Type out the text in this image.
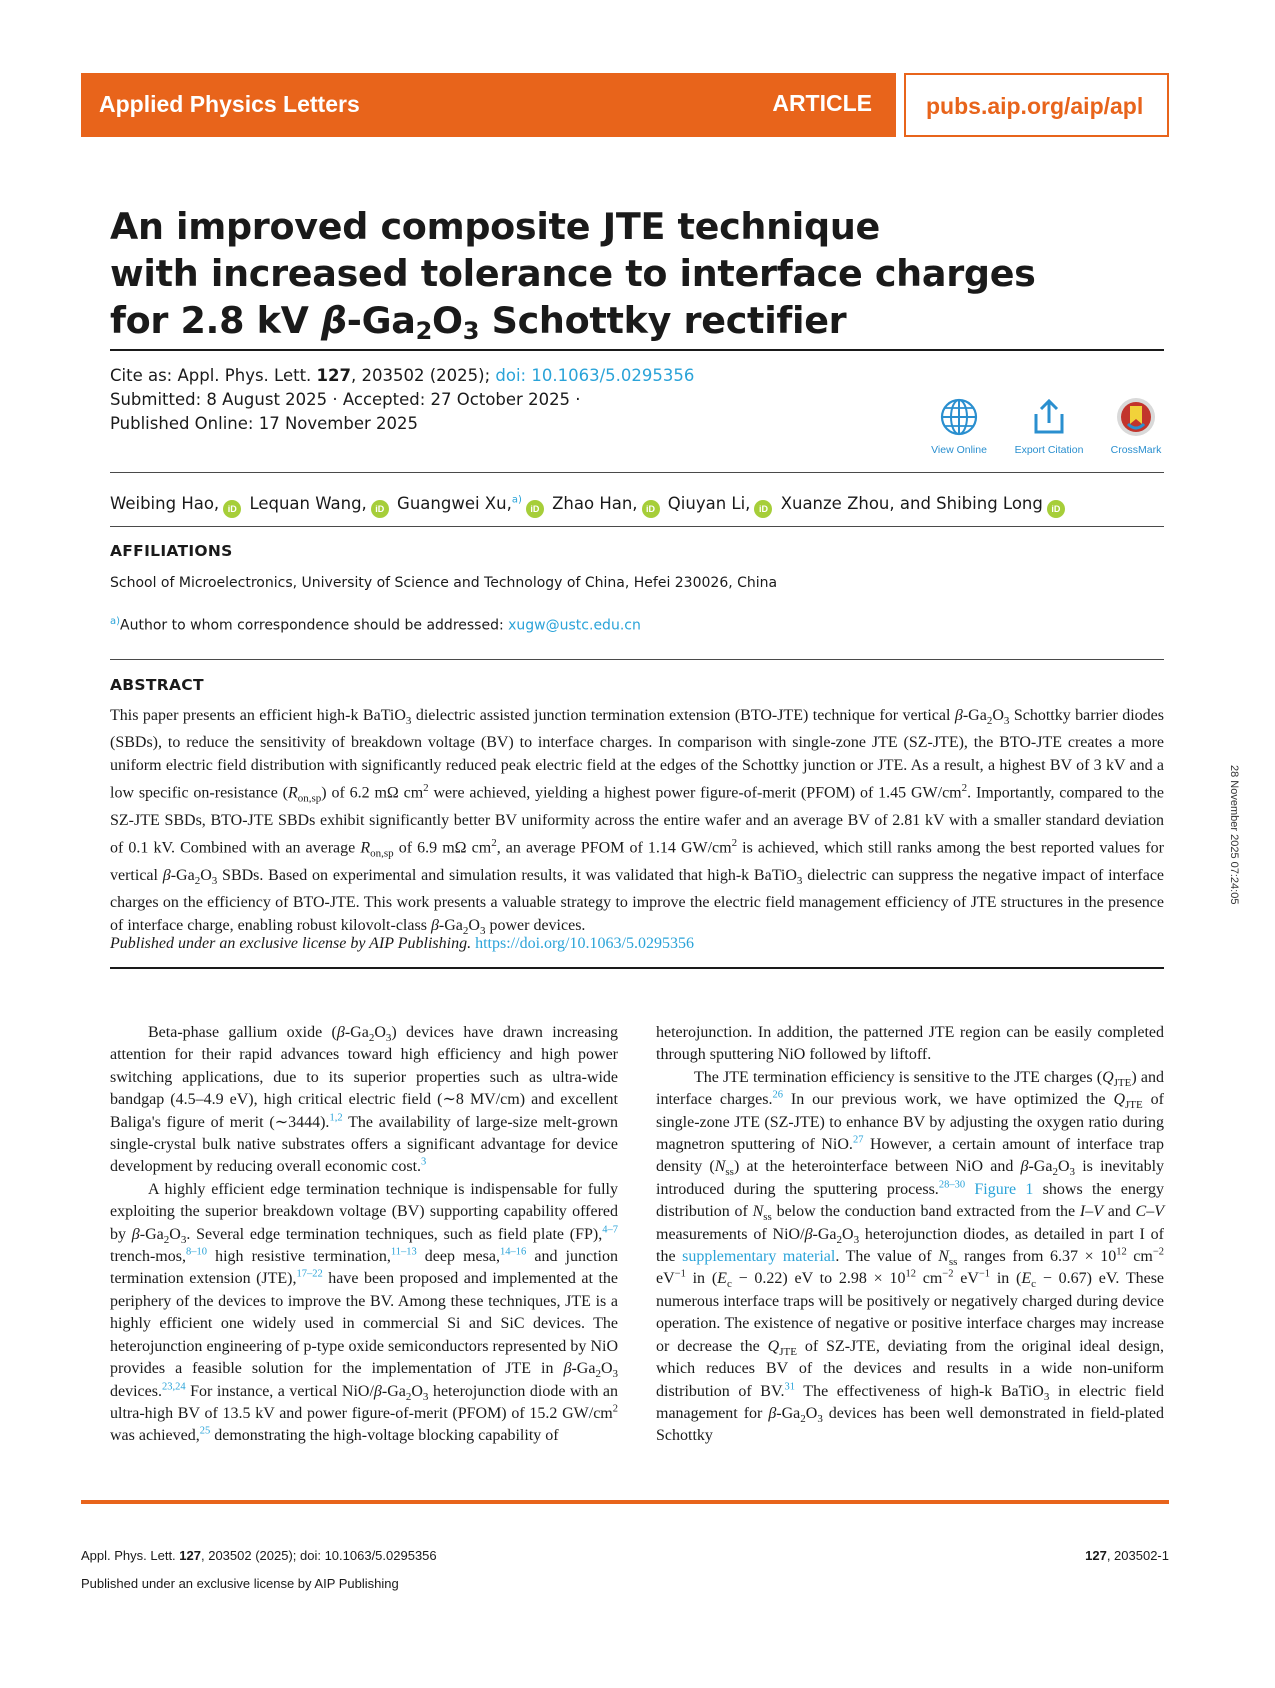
Applied Physics Letters	ARTICLE pubs.aip.org/aip/apl
An improved composite JTE technique
with increased tolerance to interface charges
for 2.8 kV $\beta-Ga_2O_3$ Schottky rectifier
Cite as: Appl. Phys. Lett. 127, 203502 (2025); doi: 10.1063/5.0295356
Submitted: 8 August 2025 · Accepted: 27 October 2025 ·
Published Online: 17 November 2025
View Online	Export Citation	CrossMark
Weibing Hao, iD Lequan Wang, iD Guangwei Xu,$^{a)}$iD Zhao Han, iD Qiuyan Li, iD Xuanze Zhou, and Shibing Long iD
AFFILIATIONS
School of Microelectronics, University of Science and Technology of China, Hefei 230026, China
$^{a)}$Author to whom correspondence should be addressed: xugw@ustc.edu.cn
ABSTRACT
This paper presents an efficient high-k BaTiO$_3$ dielectric assisted junction termination extension (BTO-JTE) technique for vertical $\beta-Ga_2O_3$ Schottky barrier diodes (SBDs), to reduce the sensitivity of breakdown voltage (BV) to interface charges. In comparison with single-zone JTE (SZ-JTE), the BTO-JTE creates a more uniform electric field distribution with significantly reduced peak electric field at the edges of the Schottky junction or JTE. As a result, a highest BV of 3 kV and a low specific on-resistance $(R_{on,sp})$ of 6.2 mΩ $cm^2$ were achieved, yielding a highest power figure-of-merit (PFOM) of 1.45 $GW/cm^2$. Importantly, compared to the SZ-JTE SBDs, BTO-JTE SBDs exhibit significantly better BV uniformity across the entire wafer and an average BV of 2.81 kV with a smaller standard deviation of 0.1 kV. Combined with an average $R_{on,sp}$ of 6.9 mΩ $cm^2$, an average PFOM of 1.14 $GW/cm^2$ is achieved, which still ranks among the best reported values for vertical $\beta-Ga_2O_3$ SBDs. Based on experimental and simulation results, it was validated that high-k BaTiO$_3$ dielectric can suppress the negative impact of interface charges on the efficiency of BTO-JTE. This work presents a valuable strategy to improve the electric field management efficiency of JTE structures in the presence of interface charge, enabling robust kilovolt-class $\beta-Ga_2O_3$ power devices.
Published under an exclusive license by AIP Publishing. https://doi.org/10.1063/5.0295356

Beta-phase gallium oxide $(\beta-Ga_2O_3)$ devices have drawn increasing attention for their rapid advances toward high efficiency and high power switching applications, due to its superior properties such as ultra-wide bandgap (4.5–4.9 eV), high critical electric field (∼8 MV/cm) and excellent Baliga's figure of merit (∼3444).$^{1,2}$ The availability of large-size melt-grown single-crystal bulk native substrates offers a significant advantage for device development by reducing overall economic cost.$^3$

A highly efficient edge termination technique is indispensable for fully exploiting the superior breakdown voltage (BV) supporting capability offered by $\beta-Ga_2O_3$. Several edge termination techniques, such as field plate (FP),$^{4-7}$ trench-mos,$^{8-10}$ high resistive termination,$^{11-13}$ deep mesa,$^{14-16}$ and junction termination extension (JTE),$^{17-22}$ have been proposed and implemented at the periphery of the devices to improve the BV. Among these techniques, JTE is a highly efficient one widely used in commercial Si and SiC devices. The heterojunction engineering of p-type oxide semiconductors represented by NiO provides a feasible solution for the implementation of JTE in $\beta-Ga_2O_3$ devices.$^{23,24}$ For instance, a vertical NiO/$\beta-Ga_2O_3$ heterojunction diode with an ultra-high BV of 13.5 kV and power figure-of-merit (PFOM) of 15.2 $GW/cm^2$ was achieved,$^{25}$ demonstrating the high-voltage blocking capability of

heterojunction. In addition, the patterned JTE region can be easily completed through sputtering NiO followed by liftoff.

The JTE termination efficiency is sensitive to the JTE charges $(Q_{JTE})$ and interface charges.$^{26}$ In our previous work, we have optimized the $Q_{JTE}$ of single-zone JTE (SZ-JTE) to enhance BV by adjusting the oxygen ratio during magnetron sputtering of NiO.$^{27}$ However, a certain amount of interface trap density $(N_{ss})$ at the heterointerface between NiO and $\beta-Ga_2O_3$ is inevitably introduced during the sputtering process.$^{28-30}$ Figure 1 shows the energy distribution of $N_{ss}$ below the conduction band extracted from the I–V and C–V measurements of NiO/$\beta-Ga_2O_3$ heterojunction diodes, as detailed in part I of the supplementary material. The value of $N_{ss}$ ranges from $6.37 \times 10^{12}$ $cm^{-2}$ $eV^{-1}$ in $(E_c - 0.22)$ eV to $2.98 \times 10^{12}$ $cm^{-2}$ $eV^{-1}$ in $(E_c - 0.67)$ eV. These numerous interface traps will be positively or negatively charged during device operation. The existence of negative or positive interface charges may increase or decrease the $Q_{JTE}$ of SZ-JTE, deviating from the original ideal design, which reduces BV of the devices and results in a wide non-uniform distribution of BV.$^{31}$ The effectiveness of high-k BaTiO$_3$ in electric field management for $\beta-Ga_2O_3$ devices has been well demonstrated in field-plated Schottky

28 November 2025 07:24:05
Appl. Phys. Lett. 127, 203502 (2025); doi: 10.1063/5.0295356	127, 203502-1
Published under an exclusive license by AIP Publishing
